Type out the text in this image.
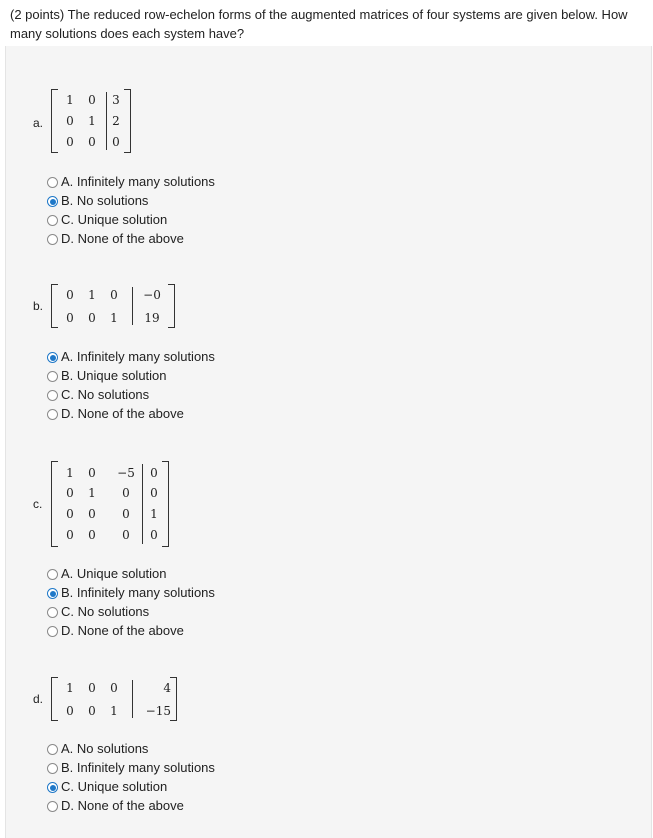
(2 points) The reduced row-echelon forms of the augmented matrices of four systems are given below. How many solutions does each system have?
a.
1	0	3
0	1	2
0	0	0
A. Infinitely many solutions
B. No solutions
C. Unique solution
D. None of the above
b.
0	1	0	−0
0	0	1	19
A. Infinitely many solutions
B. Unique solution
C. No solutions
D. None of the above
c.
1	0	−5	0
0	1	0	0
0	0	0	1
0	0	0	0
A. Unique solution
B. Infinitely many solutions
C. No solutions
D. None of the above
d.
1	0	0	4
0	0	1	−15
A. No solutions
B. Infinitely many solutions
C. Unique solution
D. None of the above
